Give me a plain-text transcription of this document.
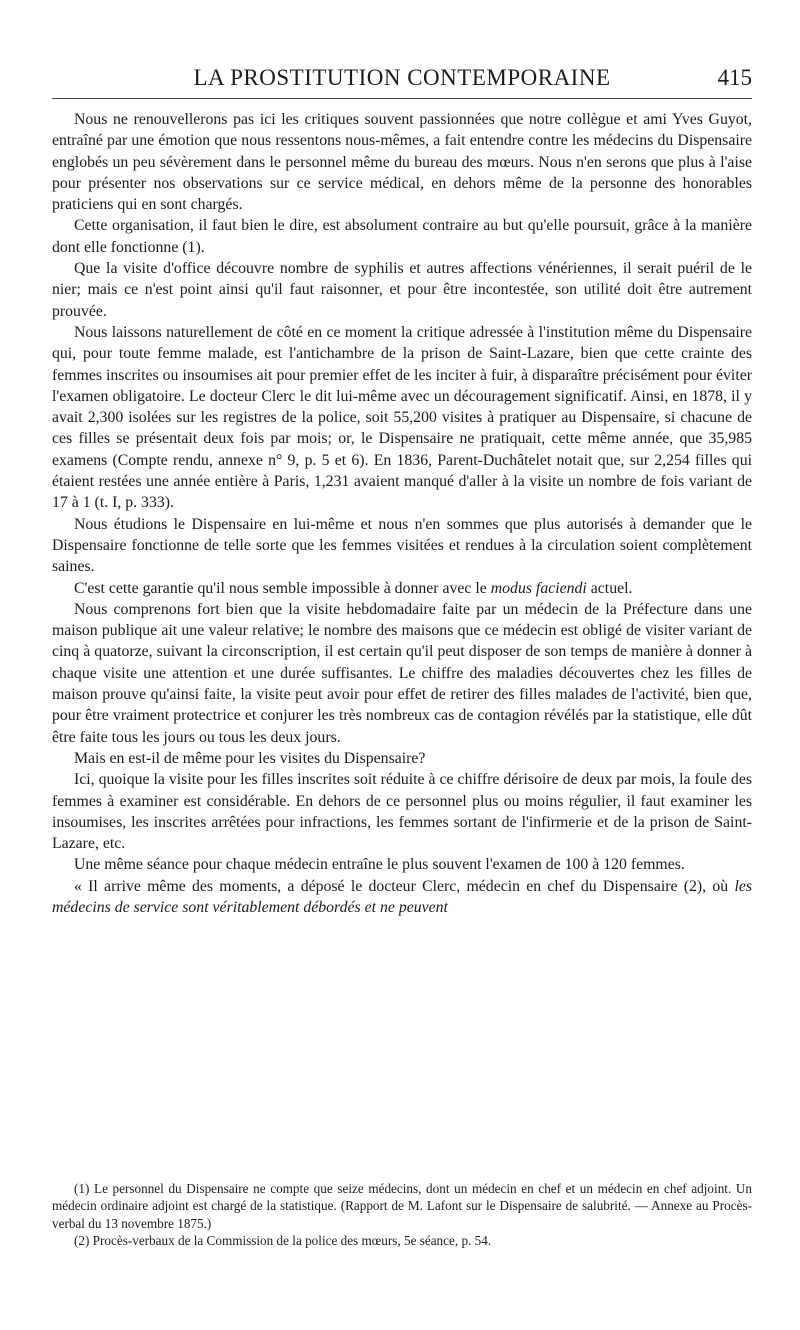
LA PROSTITUTION CONTEMPORAINE	415

Nous ne renouvellerons pas ici les critiques souvent passionnées que notre collègue et ami Yves Guyot, entraîné par une émotion que nous ressentons nous-mêmes, a fait entendre contre les médecins du Dispensaire englobés un peu sévèrement dans le personnel même du bureau des mœurs. Nous n'en serons que plus à l'aise pour présenter nos observations sur ce service médical, en dehors même de la personne des honorables praticiens qui en sont chargés.

Cette organisation, il faut bien le dire, est absolument contraire au but qu'elle poursuit, grâce à la manière dont elle fonctionne (1).

Que la visite d'office découvre nombre de syphilis et autres affections vénériennes, il serait puéril de le nier; mais ce n'est point ainsi qu'il faut raisonner, et pour être incontestée, son utilité doit être autrement prouvée.

Nous laissons naturellement de côté en ce moment la critique adressée à l'institution même du Dispensaire qui, pour toute femme malade, est l'antichambre de la prison de Saint-Lazare, bien que cette crainte des femmes inscrites ou insoumises ait pour premier effet de les inciter à fuir, à disparaître précisément pour éviter l'examen obligatoire. Le docteur Clerc le dit lui-même avec un découragement significatif. Ainsi, en 1878, il y avait 2,300 isolées sur les registres de la police, soit 55,200 visites à pratiquer au Dispensaire, si chacune de ces filles se présentait deux fois par mois; or, le Dispensaire ne pratiquait, cette même année, que 35,985 examens (Compte rendu, annexe n° 9, p. 5 et 6). En 1836, Parent-Duchâtelet notait que, sur 2,254 filles qui étaient restées une année entière à Paris, 1,231 avaient manqué d'aller à la visite un nombre de fois variant de 17 à 1 (t. I, p. 333).

Nous étudions le Dispensaire en lui-même et nous n'en sommes que plus autorisés à demander que le Dispensaire fonctionne de telle sorte que les femmes visitées et rendues à la circulation soient complètement saines.

C'est cette garantie qu'il nous semble impossible à donner avec le modus faciendi actuel.

Nous comprenons fort bien que la visite hebdomadaire faite par un médecin de la Préfecture dans une maison publique ait une valeur relative; le nombre des maisons que ce médecin est obligé de visiter variant de cinq à quatorze, suivant la circonscription, il est certain qu'il peut disposer de son temps de manière à donner à chaque visite une attention et une durée suffisantes. Le chiffre des maladies découvertes chez les filles de maison prouve qu'ainsi faite, la visite peut avoir pour effet de retirer des filles malades de l'activité, bien que, pour être vraiment protectrice et conjurer les très nombreux cas de contagion révélés par la statistique, elle dût être faite tous les jours ou tous les deux jours.

Mais en est-il de même pour les visites du Dispensaire?

Ici, quoique la visite pour les filles inscrites soit réduite à ce chiffre dérisoire de deux par mois, la foule des femmes à examiner est considérable. En dehors de ce personnel plus ou moins régulier, il faut examiner les insoumises, les inscrites arrêtées pour infractions, les femmes sortant de l'infirmerie et de la prison de Saint-Lazare, etc.

Une même séance pour chaque médecin entraîne le plus souvent l'examen de 100 à 120 femmes.

« Il arrive même des moments, a déposé le docteur Clerc, médecin en chef du Dispensaire (2), où les médecins de service sont véritablement débordés et ne peuvent

(1) Le personnel du Dispensaire ne compte que seize médecins, dont un médecin en chef et un médecin en chef adjoint. Un médecin ordinaire adjoint est chargé de la statistique. (Rapport de M. Lafont sur le Dispensaire de salubrité. — Annexe au Procès-verbal du 13 novembre 1875.)

(2) Procès-verbaux de la Commission de la police des mœurs, 5e séance, p. 54.
